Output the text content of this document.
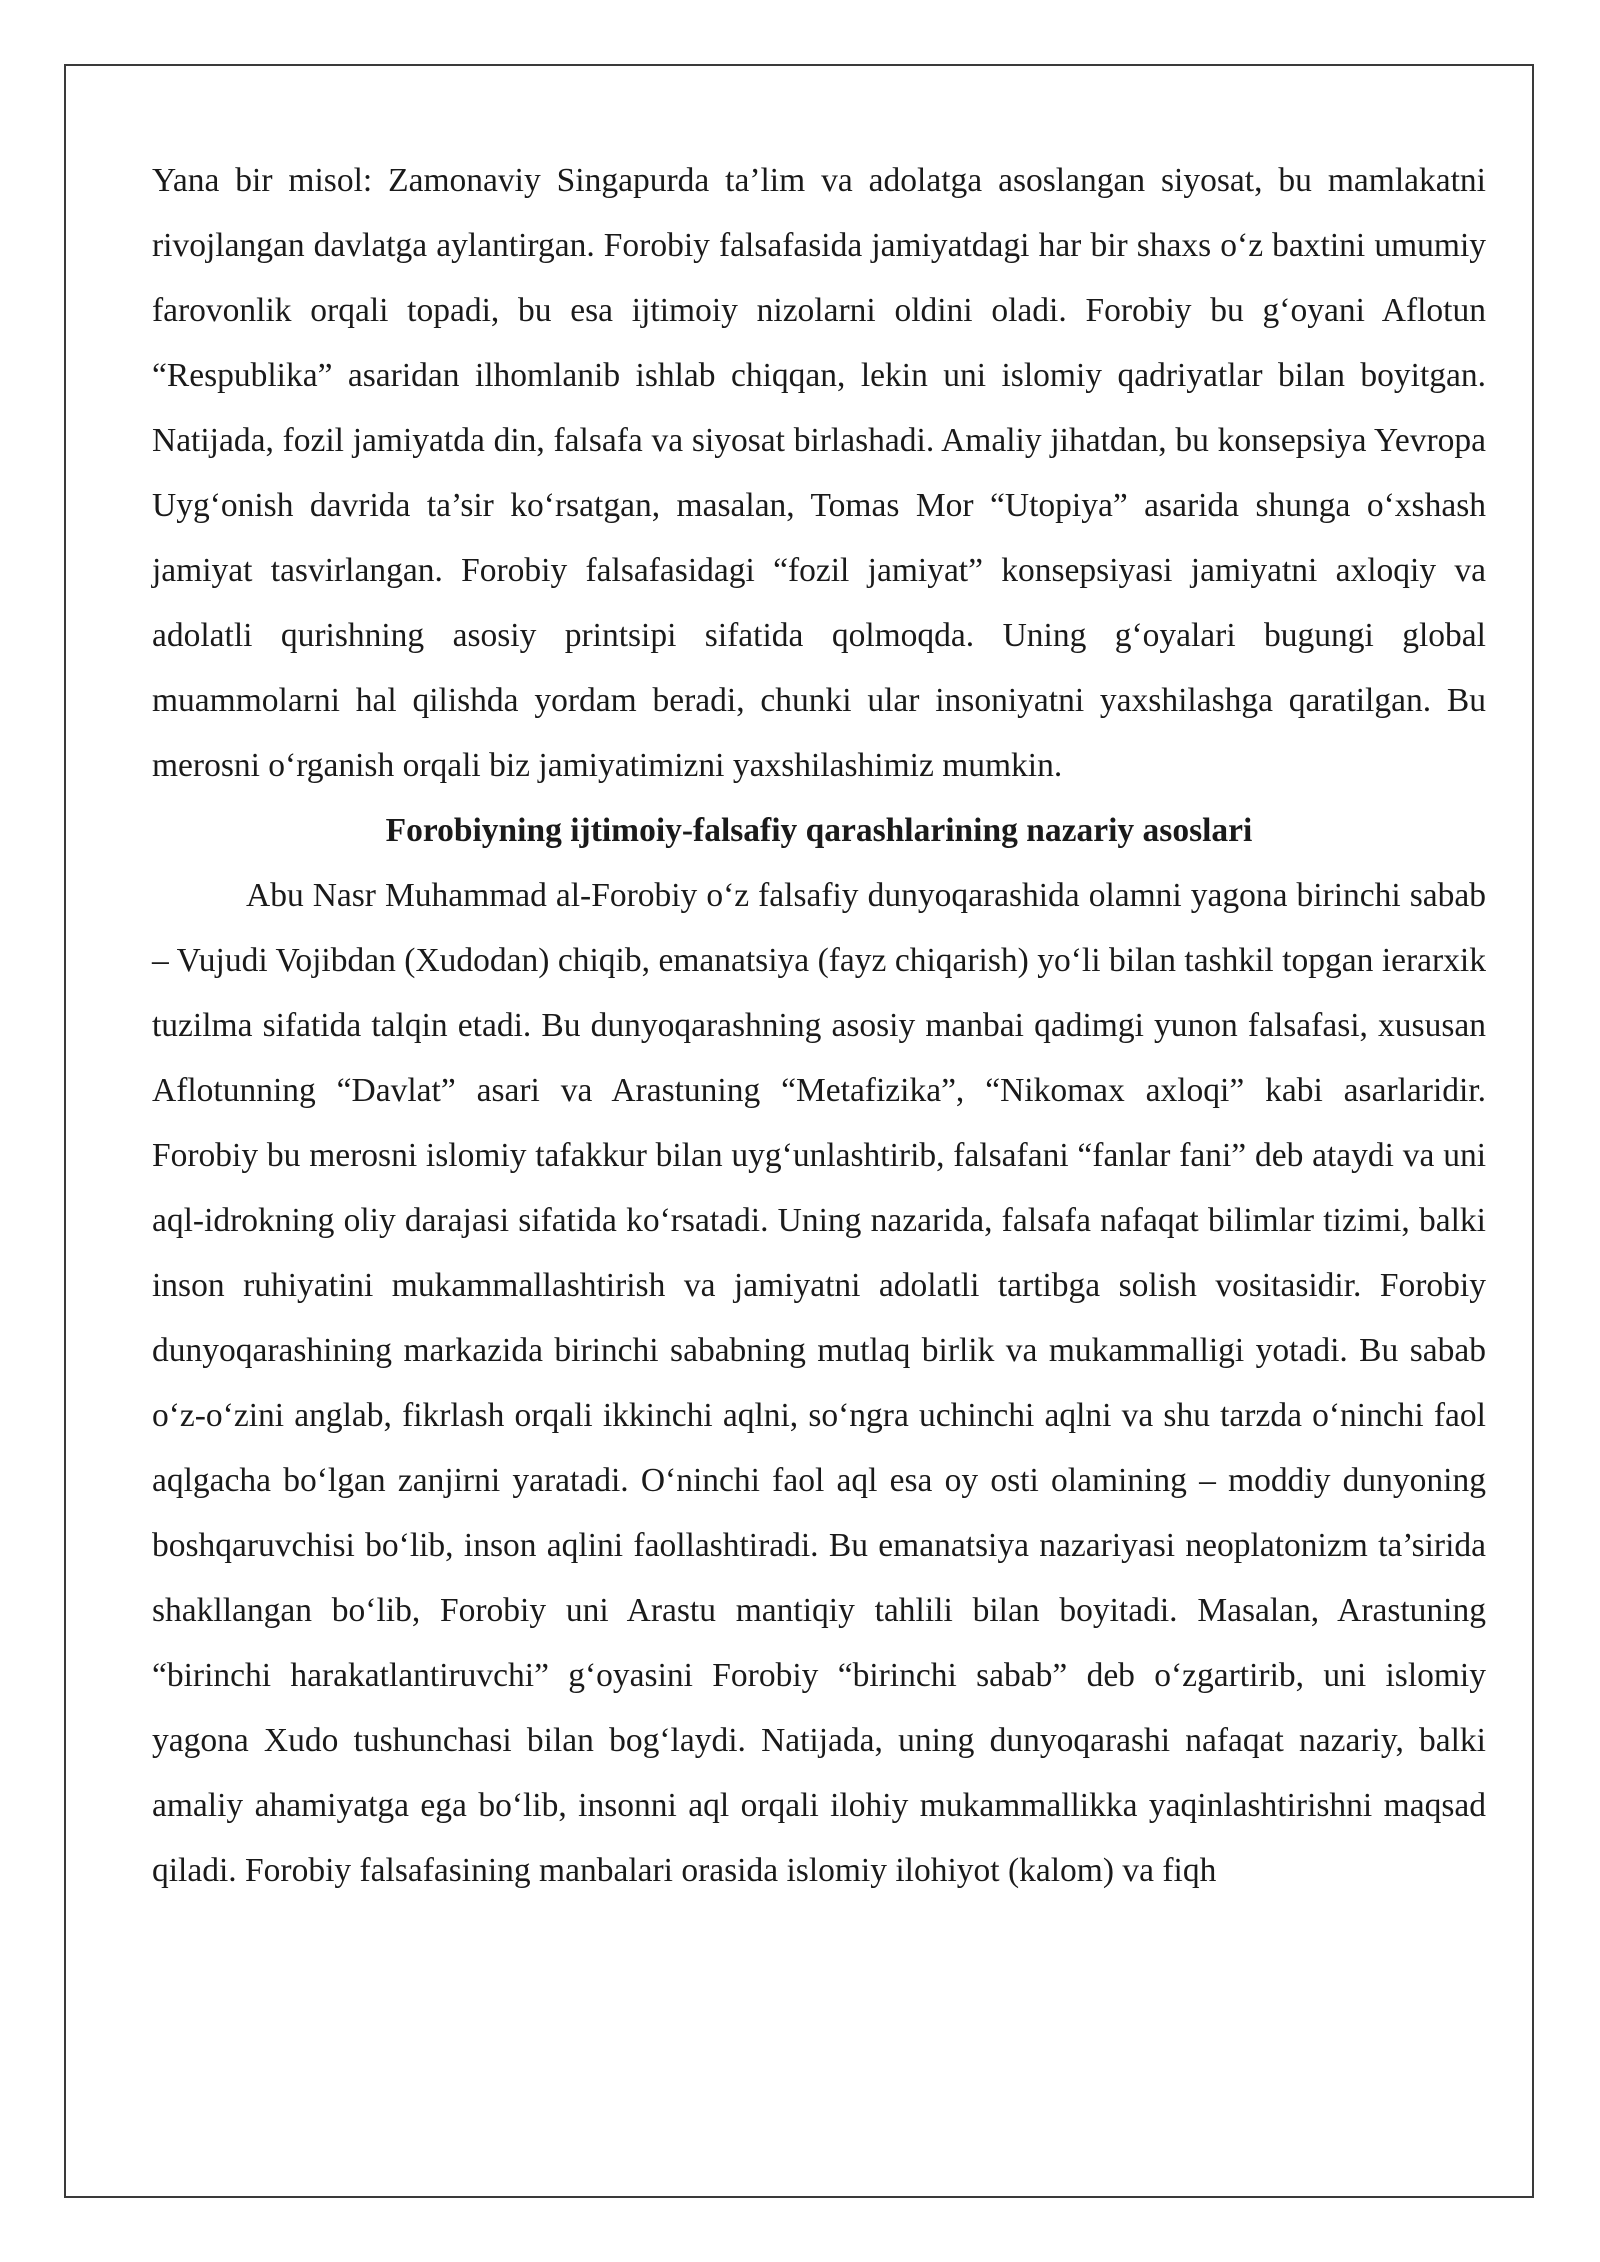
Yana bir misol: Zamonaviy Singapurda ta’lim va adolatga asoslangan siyosat, bu mamlakatni rivojlangan davlatga aylantirgan. Forobiy falsafasida jamiyatdagi har bir shaxs o‘z baxtini umumiy farovonlik orqali topadi, bu esa ijtimoiy nizolarni oldini oladi. Forobiy bu g‘oyani Aflotun “Respublika” asaridan ilhomlanib ishlab chiqqan, lekin uni islomiy qadriyatlar bilan boyitgan. Natijada, fozil jamiyatda din, falsafa va siyosat birlashadi. Amaliy jihatdan, bu konsepsiya Yevropa Uyg‘onish davrida ta’sir ko‘rsatgan, masalan, Tomas Mor “Utopiya” asarida shunga o‘xshash jamiyat tasvirlangan. Forobiy falsafasidagi “fozil jamiyat” konsepsiyasi jamiyatni axloqiy va adolatli qurishning asosiy printsipi sifatida qolmoqda. Uning g‘oyalari bugungi global muammolarni hal qilishda yordam beradi, chunki ular insoniyatni yaxshilashga qaratilgan. Bu merosni o‘rganish orqali biz jamiyatimizni yaxshilashimiz mumkin.

Forobiyning ijtimoiy-falsafiy qarashlarining nazariy asoslari

Abu Nasr Muhammad al-Forobiy o‘z falsafiy dunyoqarashida olamni yagona birinchi sabab – Vujudi Vojibdan (Xudodan) chiqib, emanatsiya (fayz chiqarish) yo‘li bilan tashkil topgan ierarxik tuzilma sifatida talqin etadi. Bu dunyoqarashning asosiy manbai qadimgi yunon falsafasi, xususan Aflotunning “Davlat” asari va Arastuning “Metafizika”, “Nikomax axloqi” kabi asarlaridir. Forobiy bu merosni islomiy tafakkur bilan uyg‘unlashtirib, falsafani “fanlar fani” deb ataydi va uni aql-idrokning oliy darajasi sifatida ko‘rsatadi. Uning nazarida, falsafa nafaqat bilimlar tizimi, balki inson ruhiyatini mukammallashtirish va jamiyatni adolatli tartibga solish vositasidir. Forobiy dunyoqarashining markazida birinchi sababning mutlaq birlik va mukammalligi yotadi. Bu sabab o‘z-o‘zini anglab, fikrlash orqali ikkinchi aqlni, so‘ngra uchinchi aqlni va shu tarzda o‘ninchi faol aqlgacha bo‘lgan zanjirni yaratadi. O‘ninchi faol aql esa oy osti olamining – moddiy dunyoning boshqaruvchisi bo‘lib, inson aqlini faollashtiradi. Bu emanatsiya nazariyasi neoplatonizm ta’sirida shakllangan bo‘lib, Forobiy uni Arastu mantiqiy tahlili bilan boyitadi. Masalan, Arastuning “birinchi harakatlantiruvchi” g‘oyasini Forobiy “birinchi sabab” deb o‘zgartirib, uni islomiy yagona Xudo tushunchasi bilan bog‘laydi. Natijada, uning dunyoqarashi nafaqat nazariy, balki amaliy ahamiyatga ega bo‘lib, insonni aql orqali ilohiy mukammallikka yaqinlashtirishni maqsad qiladi. Forobiy falsafasining manbalari orasida islomiy ilohiyot (kalom) va fiqh
